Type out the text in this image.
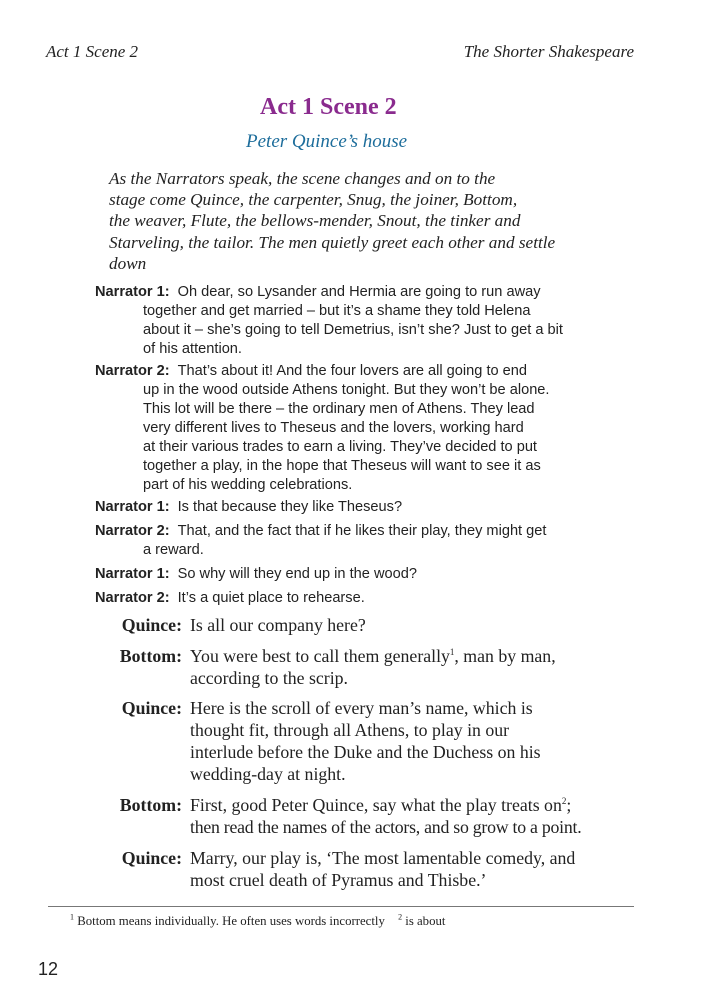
Act 1 Scene 2	The Shorter Shakespeare
Act 1 Scene 2
Peter Quince’s house
As the Narrators speak, the scene changes and on to the
stage come Quince, the carpenter, Snug, the joiner, Bottom,
the weaver, Flute, the bellows-mender, Snout, the tinker and
Starveling, the tailor. The men quietly greet each other and settle
down
Narrator 1: Oh dear, so Lysander and Hermia are going to run away
together and get married – but it’s a shame they told Helena
about it – she’s going to tell Demetrius, isn’t she? Just to get a bit
of his attention.
Narrator 2: That’s about it! And the four lovers are all going to end
up in the wood outside Athens tonight. But they won’t be alone.
This lot will be there – the ordinary men of Athens. They lead
very different lives to Theseus and the lovers, working hard
at their various trades to earn a living. They’ve decided to put
together a play, in the hope that Theseus will want to see it as
part of his wedding celebrations.
Narrator 1: Is that because they like Theseus?
Narrator 2: That, and the fact that if he likes their play, they might get
a reward.
Narrator 1: So why will they end up in the wood?
Narrator 2: It’s a quiet place to rehearse.
Quince: Is all our company here?
Bottom: You were best to call them generally$^1$, man by man,
according to the scrip.
Quince: Here is the scroll of every man’s name, which is
thought fit, through all Athens, to play in our
interlude before the Duke and the Duchess on his
wedding-day at night.
Bottom: First, good Peter Quince, say what the play treats $on^2$;
then read the names of the actors, and so grow to a point.
Quince: Marry, our play is, ‘The most lamentable comedy, and
most cruel death of Pyramus and Thisbe.’
$^1$ Bottom means individually. He often uses words incorrectly $^2$ is about
12
